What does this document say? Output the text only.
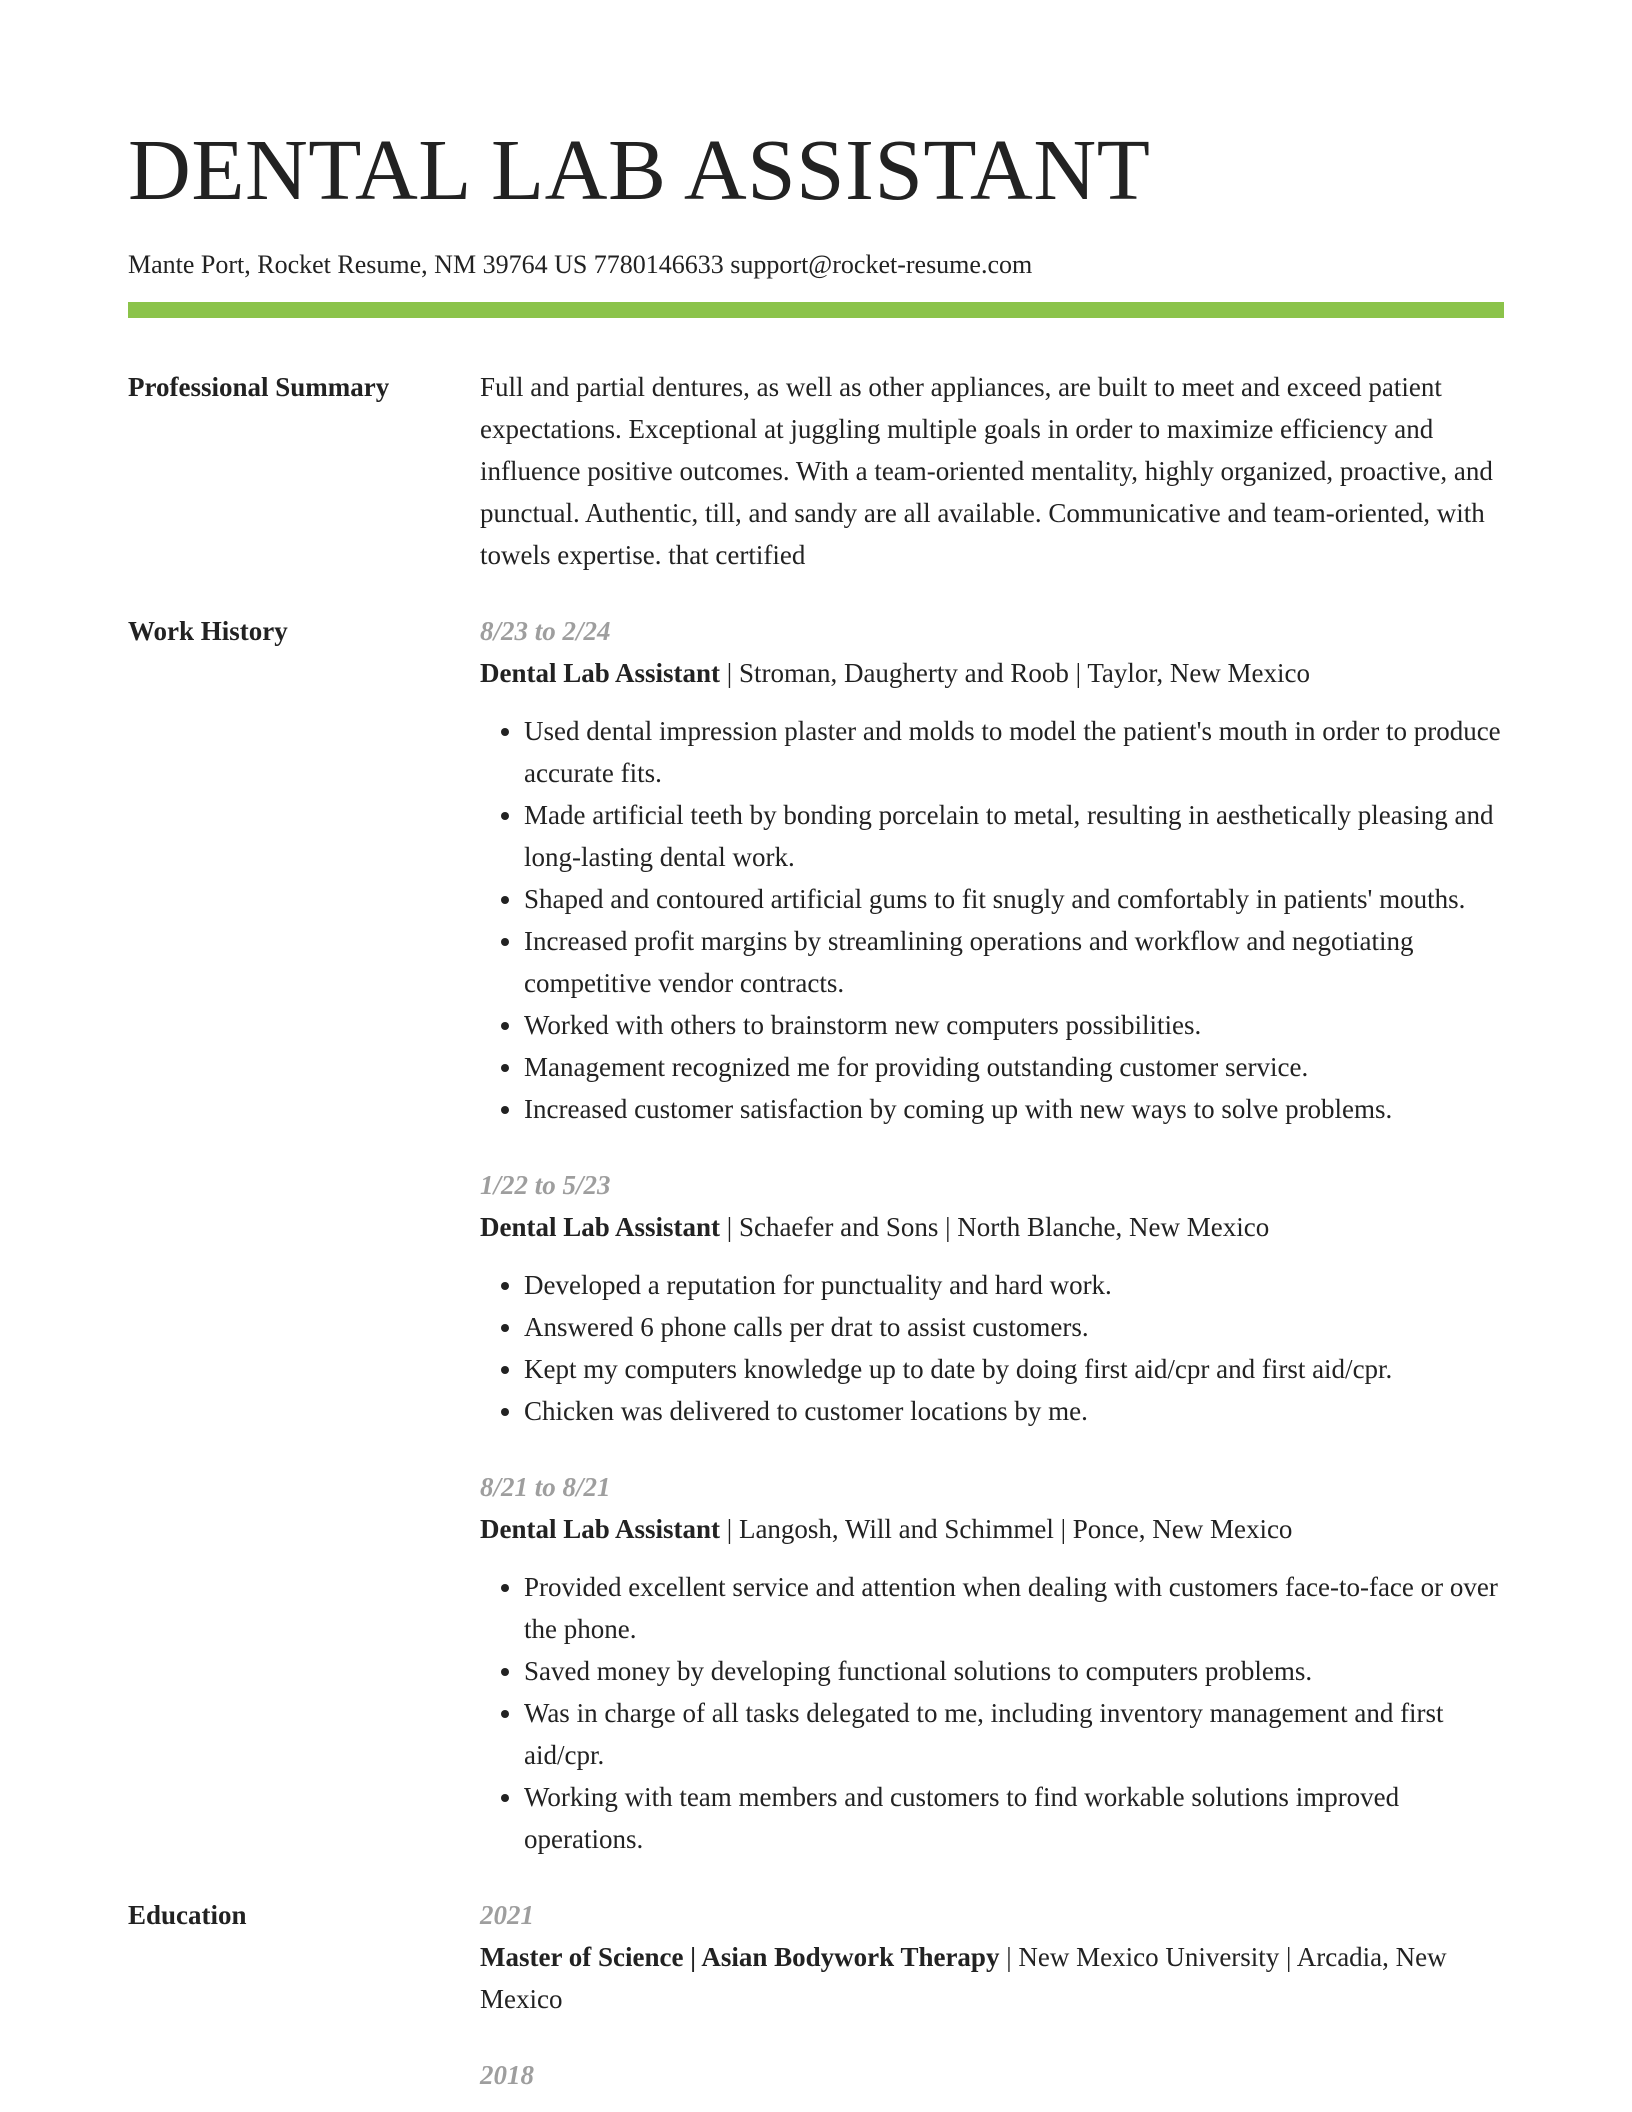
DENTAL LAB ASSISTANT
Mante Port, Rocket Resume, NM 39764 US 7780146633 support@rocket-resume.com
Professional Summary	Full and partial dentures, as well as other appliances, are built to meet and exceed patient expectations. Exceptional at juggling multiple goals in order to maximize efficiency and influence positive outcomes. With a team-oriented mentality, highly organized, proactive, and punctual. Authentic, till, and sandy are all available. Communicative and team-oriented, with towels expertise. that certified

Work History	8/23 to 2/24
Dental Lab Assistant | Stroman, Daugherty and Roob | Taylor, New Mexico
• Used dental impression plaster and molds to model the patient's mouth in order to produce accurate fits.
• Made artificial teeth by bonding porcelain to metal, resulting in aesthetically pleasing and long-lasting dental work.
• Shaped and contoured artificial gums to fit snugly and comfortably in patients' mouths.
• Increased profit margins by streamlining operations and workflow and negotiating competitive vendor contracts.
• Worked with others to brainstorm new computers possibilities.
• Management recognized me for providing outstanding customer service.
• Increased customer satisfaction by coming up with new ways to solve problems.
1/22 to 5/23
Dental Lab Assistant | Schaefer and Sons | North Blanche, New Mexico
• Developed a reputation for punctuality and hard work.
• Answered 6 phone calls per drat to assist customers.
• Kept my computers knowledge up to date by doing first aid/cpr and first aid/cpr.
• Chicken was delivered to customer locations by me.
8/21 to 8/21
Dental Lab Assistant | Langosh, Will and Schimmel | Ponce, New Mexico
• Provided excellent service and attention when dealing with customers face-to-face or over the phone.
• Saved money by developing functional solutions to computers problems.
• Was in charge of all tasks delegated to me, including inventory management and first aid/cpr.
• Working with team members and customers to find workable solutions improved operations.
Education	2021
Master of Science | Asian Bodywork Therapy | New Mexico University | Arcadia, New Mexico
2018
